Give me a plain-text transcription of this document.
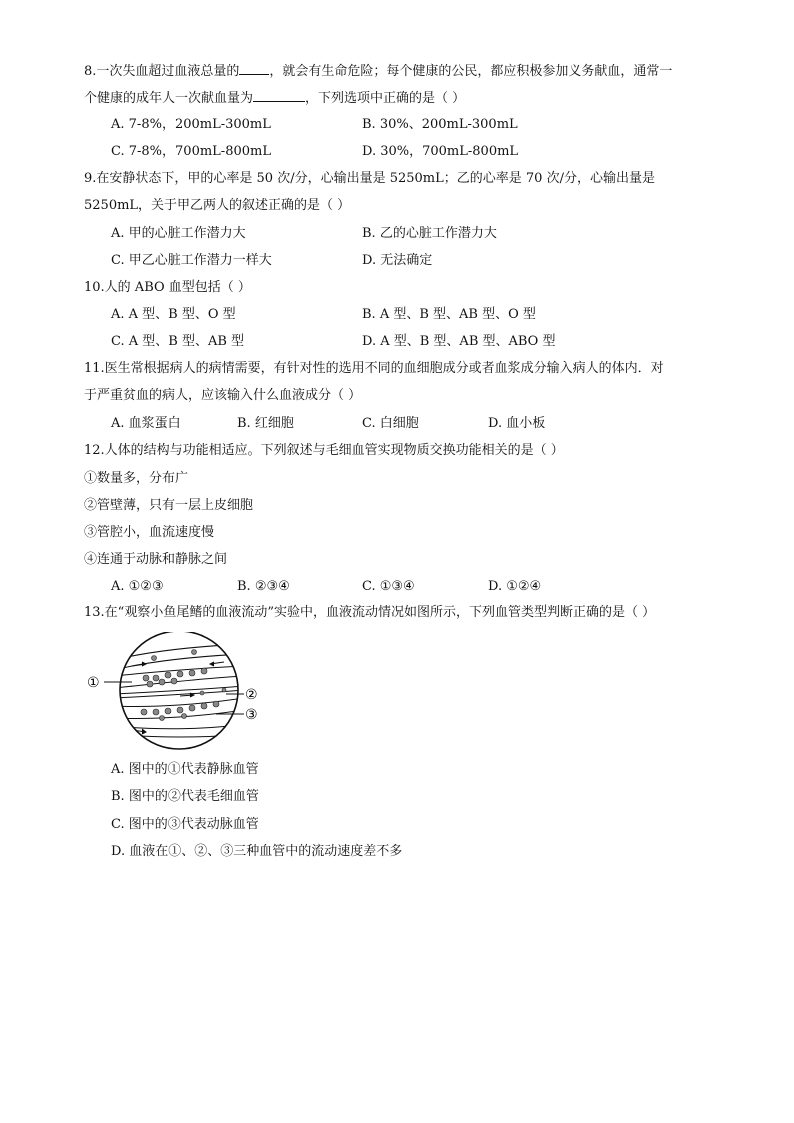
8.一次失血超过血液总量的 ，就会有生命危险；每个健康的公民，都应积极参加义务献血，通常一
个健康的成年人一次献血量为	，下列选项中正确的是（ ）
A. 7-8%，200mL-300mL	B. 30%、200mL-300mL
C. 7-8%，700mL-800mL	D. 30%，700mL-800mL
9.在安静状态下，甲的心率是 50 次/分，心输出量是 5250mL；乙的心率是 70 次/分，心输出量是
5250mL，关于甲乙两人的叙述正确的是（ ）
A. 甲的心脏工作潜力大	B. 乙的心脏工作潜力大
C. 甲乙心脏工作潜力一样大	D. 无法确定
10.人的 ABO 血型包括（ ）
A. A 型、B 型、O 型	B. A 型、B 型、AB 型、O 型
C. A 型、B 型、AB 型	D. A 型、B 型、AB 型、ABO 型
11.医生常根据病人的病情需要，有针对性的选用不同的血细胞成分或者血浆成分输入病人的体内．对
于严重贫血的病人，应该输入什么血液成分（ ）
A. 血浆蛋白	B. 红细胞	C. 白细胞	D. 血小板
12.人体的结构与功能相适应。下列叙述与毛细血管实现物质交换功能相关的是（ ）
①数量多，分布广
②管壁薄，只有一层上皮细胞
③管腔小，血流速度慢
④连通于动脉和静脉之间
A. ①②③	B. ②③④	C. ①③④	D. ①②④
13.在“观察小鱼尾鳍的血液流动”实验中，血液流动情况如图所示，下列血管类型判断正确的是（ ）
①
②
③
A. 图中的①代表静脉血管
B. 图中的②代表毛细血管
C. 图中的③代表动脉血管
D. 血液在①、②、③三种血管中的流动速度差不多
